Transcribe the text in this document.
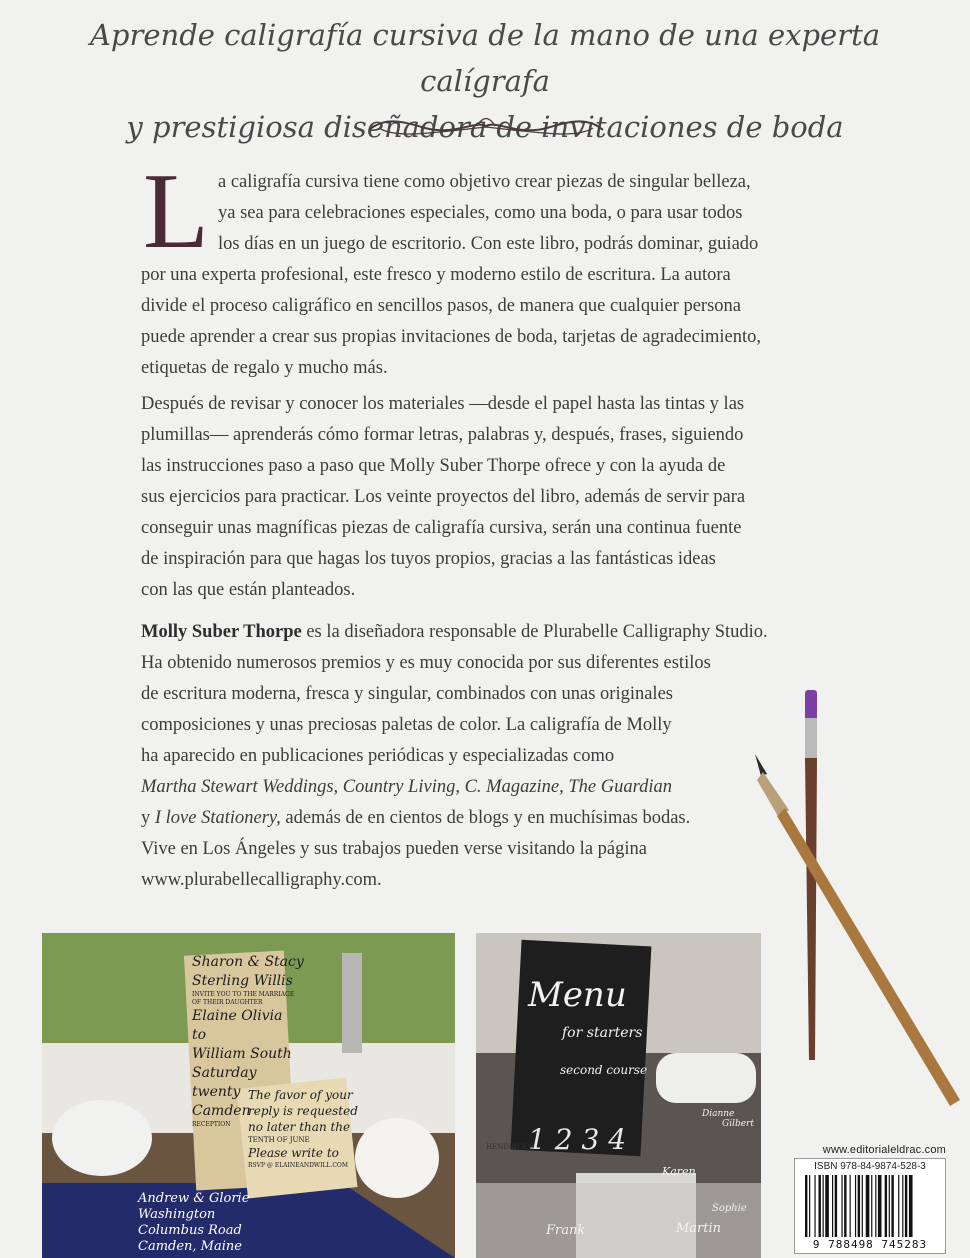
Aprende caligrafía cursiva de la mano de una experta calígrafa
y prestigiosa diseñadora de invitaciones de boda
L a caligrafía cursiva tiene como objetivo crear piezas de singular belleza,
ya sea para celebraciones especiales, como una boda, o para usar todos
los días en un juego de escritorio. Con este libro, podrás dominar, guiado
por una experta profesional, este fresco y moderno estilo de escritura. La autora
divide el proceso caligráfico en sencillos pasos, de manera que cualquier persona
puede aprender a crear sus propias invitaciones de boda, tarjetas de agradecimiento,
etiquetas de regalo y mucho más.
Después de revisar y conocer los materiales —desde el papel hasta las tintas y las
plumillas— aprenderás cómo formar letras, palabras y, después, frases, siguiendo
las instrucciones paso a paso que Molly Suber Thorpe ofrece y con la ayuda de
sus ejercicios para practicar. Los veinte proyectos del libro, además de servir para
conseguir unas magníficas piezas de caligrafía cursiva, serán una continua fuente
de inspiración para que hagas los tuyos propios, gracias a las fantásticas ideas
con las que están planteados.
Molly Suber Thorpe es la diseñadora responsable de Plurabelle Calligraphy Studio.
Ha obtenido numerosos premios y es muy conocida por sus diferentes estilos
de escritura moderna, fresca y singular, combinados con unas originales
composiciones y unas preciosas paletas de color. La caligrafía de Molly
ha aparecido en publicaciones periódicas y especializadas como
Martha Stewart Weddings, Country Living, C. Magazine, The Guardian
y I love Stationery, además de en cientos de blogs y en muchísimas bodas.
Vive en Los Ángeles y sus trabajos pueden verse visitando la página
www.plurabellecalligraphy.com.
Sharon & Stacy
Sterling Willis
INVITE YOU TO THE MARRIAGE
OF THEIR DAUGHTER
Elaine Olivia
to
William South
Saturday
twenty
Camden
RECEPTION
The favor of your
reply is requested
no later than the
TENTH OF JUNE
Please write to
RSVP @ ELAINEANDWILL.COM
Andrew & Glorie
Washington
Columbus Road
Camden, Maine
Menu
for starters
second course
1 2 3 4
HENDRICK'S
Karen
Frank	Martin
Sophie
Dianne
Gilbert
www.editorialeldrac.com
ISBN 978-84-9874-528-3
9 788498 745283
